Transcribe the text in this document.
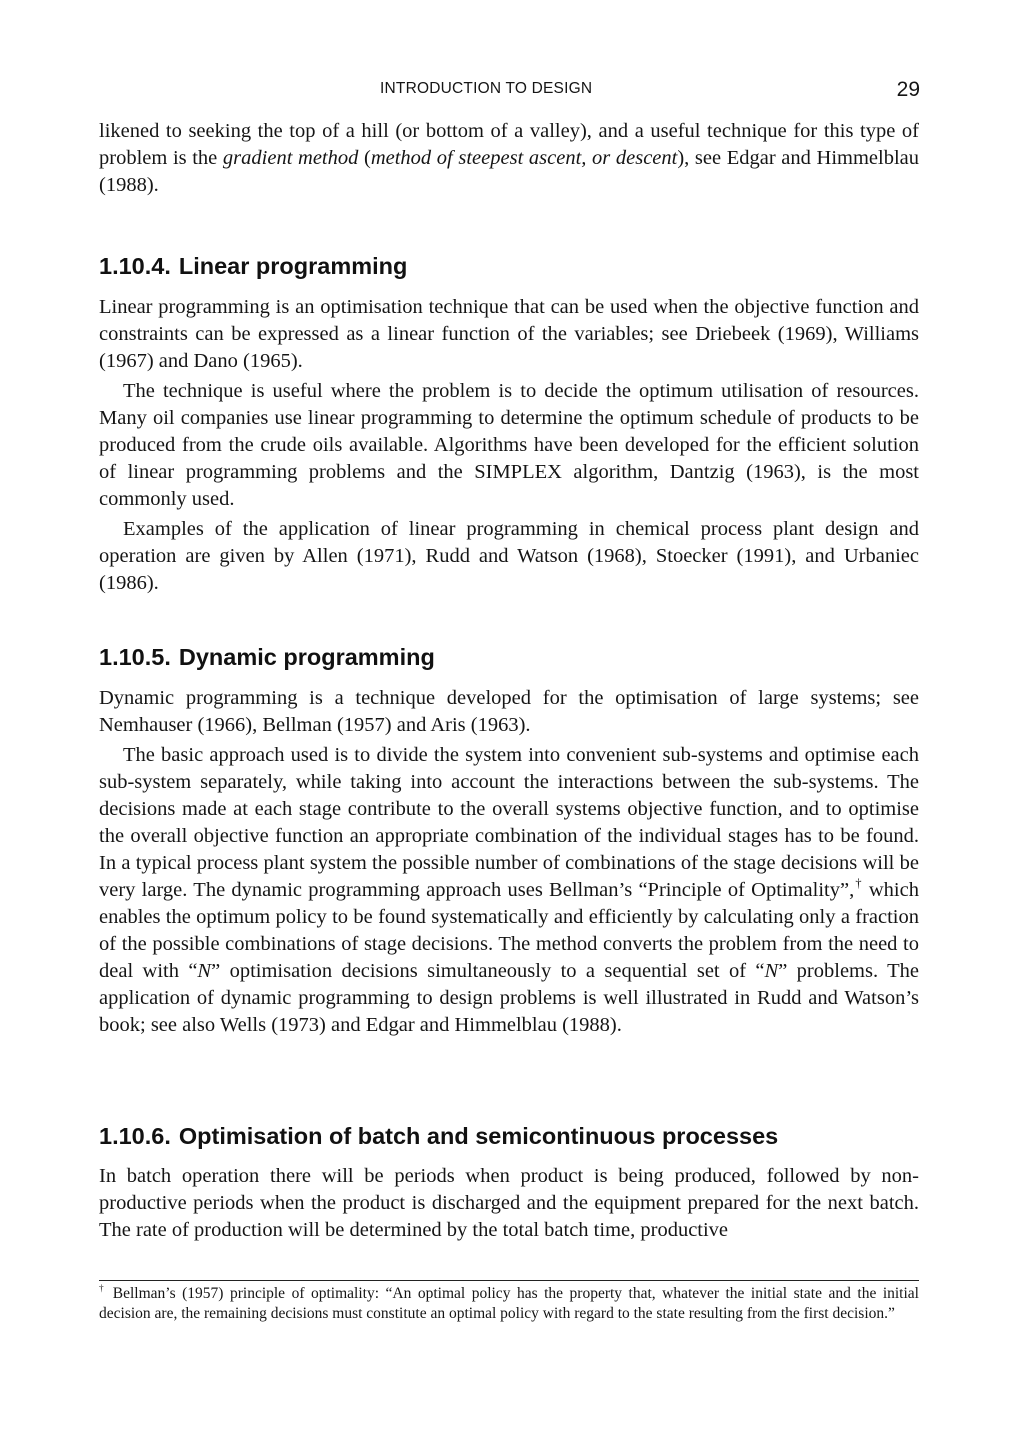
INTRODUCTION TO DESIGN	29

likened to seeking the top of a hill (or bottom of a valley), and a useful technique for this type of problem is the gradient method (method of steepest ascent, or descent), see Edgar and Himmelblau (1988).

1.10.4. Linear programming

Linear programming is an optimisation technique that can be used when the objective function and constraints can be expressed as a linear function of the variables; see Driebeek (1969), Williams (1967) and Dano (1965).

The technique is useful where the problem is to decide the optimum utilisation of resources. Many oil companies use linear programming to determine the optimum schedule of products to be produced from the crude oils available. Algorithms have been developed for the efficient solution of linear programming problems and the SIMPLEX algorithm, Dantzig (1963), is the most commonly used.

Examples of the application of linear programming in chemical process plant design and operation are given by Allen (1971), Rudd and Watson (1968), Stoecker (1991), and Urbaniec (1986).

1.10.5. Dynamic programming

Dynamic programming is a technique developed for the optimisation of large systems; see Nemhauser (1966), Bellman (1957) and Aris (1963).

The basic approach used is to divide the system into convenient sub-systems and optimise each sub-system separately, while taking into account the interactions between the sub-systems. The decisions made at each stage contribute to the overall systems objective function, and to optimise the overall objective function an appropriate combination of the individual stages has to be found. In a typical process plant system the possible number of combinations of the stage decisions will be very large. The dynamic programming approach uses Bellman’s “Principle of Optimality”,† which enables the optimum policy to be found systematically and efficiently by calculating only a fraction of the possible combinations of stage decisions. The method converts the problem from the need to deal with “N” optimisation decisions simultaneously to a sequential set of “N” problems. The application of dynamic programming to design problems is well illustrated in Rudd and Watson’s book; see also Wells (1973) and Edgar and Himmelblau (1988).

1.10.6. Optimisation of batch and semicontinuous processes

In batch operation there will be periods when product is being produced, followed by non-productive periods when the product is discharged and the equipment prepared for the next batch. The rate of production will be determined by the total batch time, productive

† Bellman’s (1957) principle of optimality: “An optimal policy has the property that, whatever the initial state and the initial decision are, the remaining decisions must constitute an optimal policy with regard to the state resulting from the first decision.”
